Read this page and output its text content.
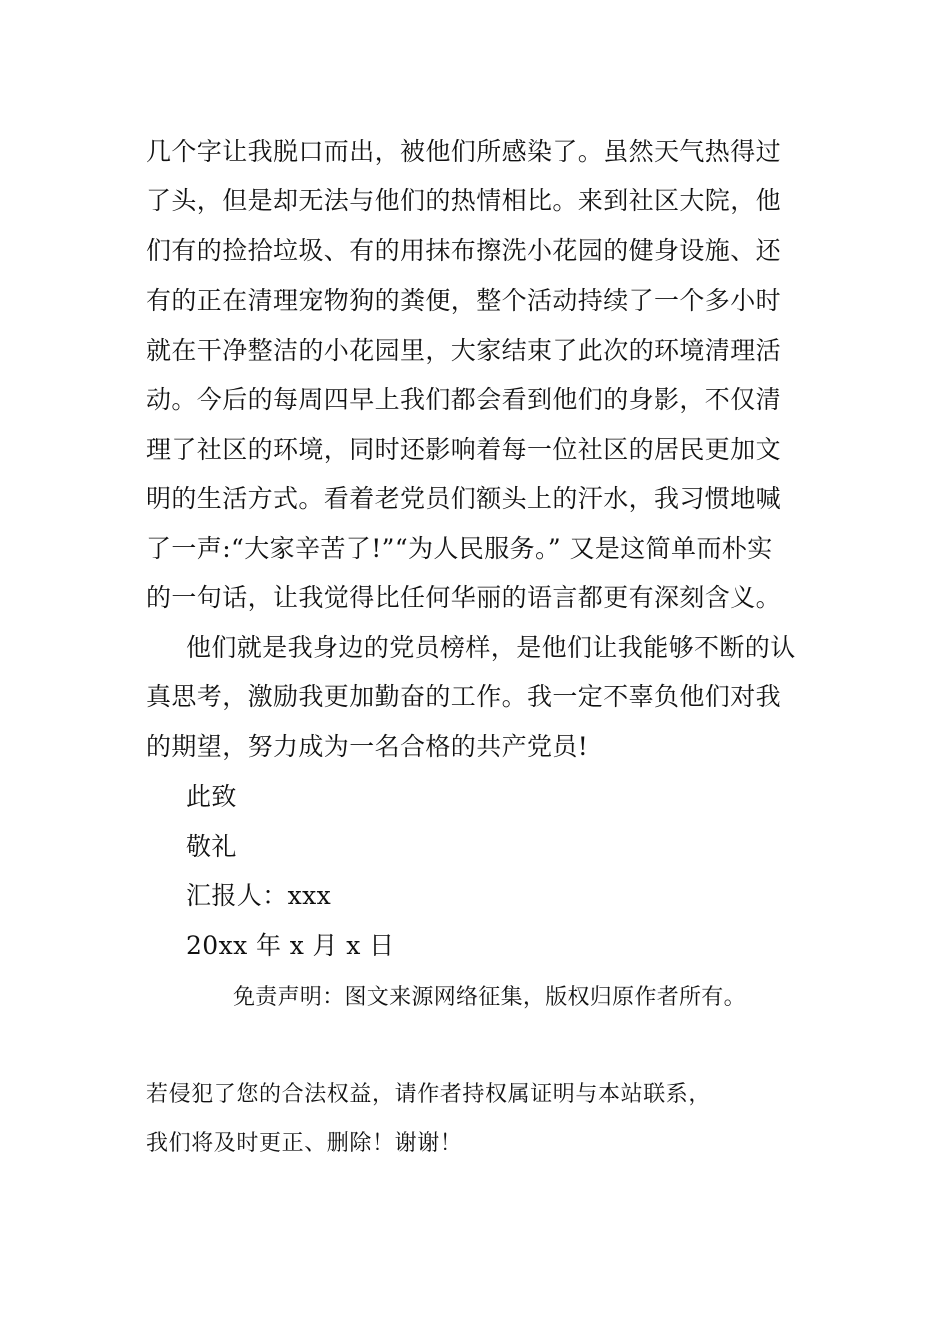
几个字让我脱口而出，被他们所感染了。虽然天气热得过
了头，但是却无法与他们的热情相比。来到社区大院，他
们有的捡拾垃圾、有的用抹布擦洗小花园的健身设施、还
有的正在清理宠物狗的粪便，整个活动持续了一个多小时
就在干净整洁的小花园里，大家结束了此次的环境清理活
动。今后的每周四早上我们都会看到他们的身影，不仅清
理了社区的环境，同时还影响着每一位社区的居民更加文
明的生活方式。看着老党员们额头上的汗水，我习惯地喊
了一声:“大家辛苦了!”“为人民服务。” 又是这简单而朴实
的一句话，让我觉得比任何华丽的语言都更有深刻含义。
他们就是我身边的党员榜样，是他们让我能够不断的认
真思考，激励我更加勤奋的工作。我一定不辜负他们对我
的期望，努力成为一名合格的共产党员!
此致
敬礼
汇报人：xxx
20xx 年 x 月 x 日
免责声明：图文来源网络征集，版权归原作者所有。
若侵犯了您的合法权益，请作者持权属证明与本站联系，
我们将及时更正、删除！谢谢！
